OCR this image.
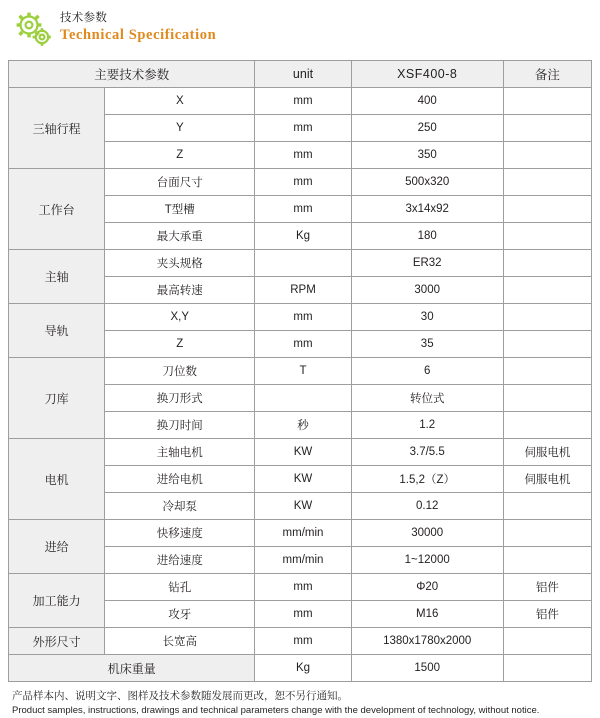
技术参数
Technical Specification
主要技术参数		unit	XSF400-8	备注
三轴行程	X	mm	400	
	Y	mm	250	
	Z	mm	350	
工作台	台面尺寸	mm	500x320	
	T型槽	mm	3x14x92	
	最大承重	Kg	180	
主轴	夹头规格		ER32	
	最高转速	RPM	3000	
导轨	X,Y	mm	30	
	Z	mm	35	
刀库	刀位数	T	6	
	换刀形式		转位式	
	换刀时间	秒	1.2	
电机	主轴电机	KW	3.7/5.5	伺服电机
	进给电机	KW	1.5,2（Z）	伺服电机
	冷却泵	KW	0.12	
进给	快移速度	mm/min	30000	
	进给速度	mm/min	1~12000	
加工能力	钻孔	mm	Φ20	铝件
	攻牙	mm	M16	铝件
外形尺寸	长宽高	mm	1380x1780x2000	
机床重量		Kg	1500	
产品样本内、说明文字、图样及技术参数随发展而更改，恕不另行通知。
Product samples, instructions, drawings and technical parameters change with the development of technology, without notice.
